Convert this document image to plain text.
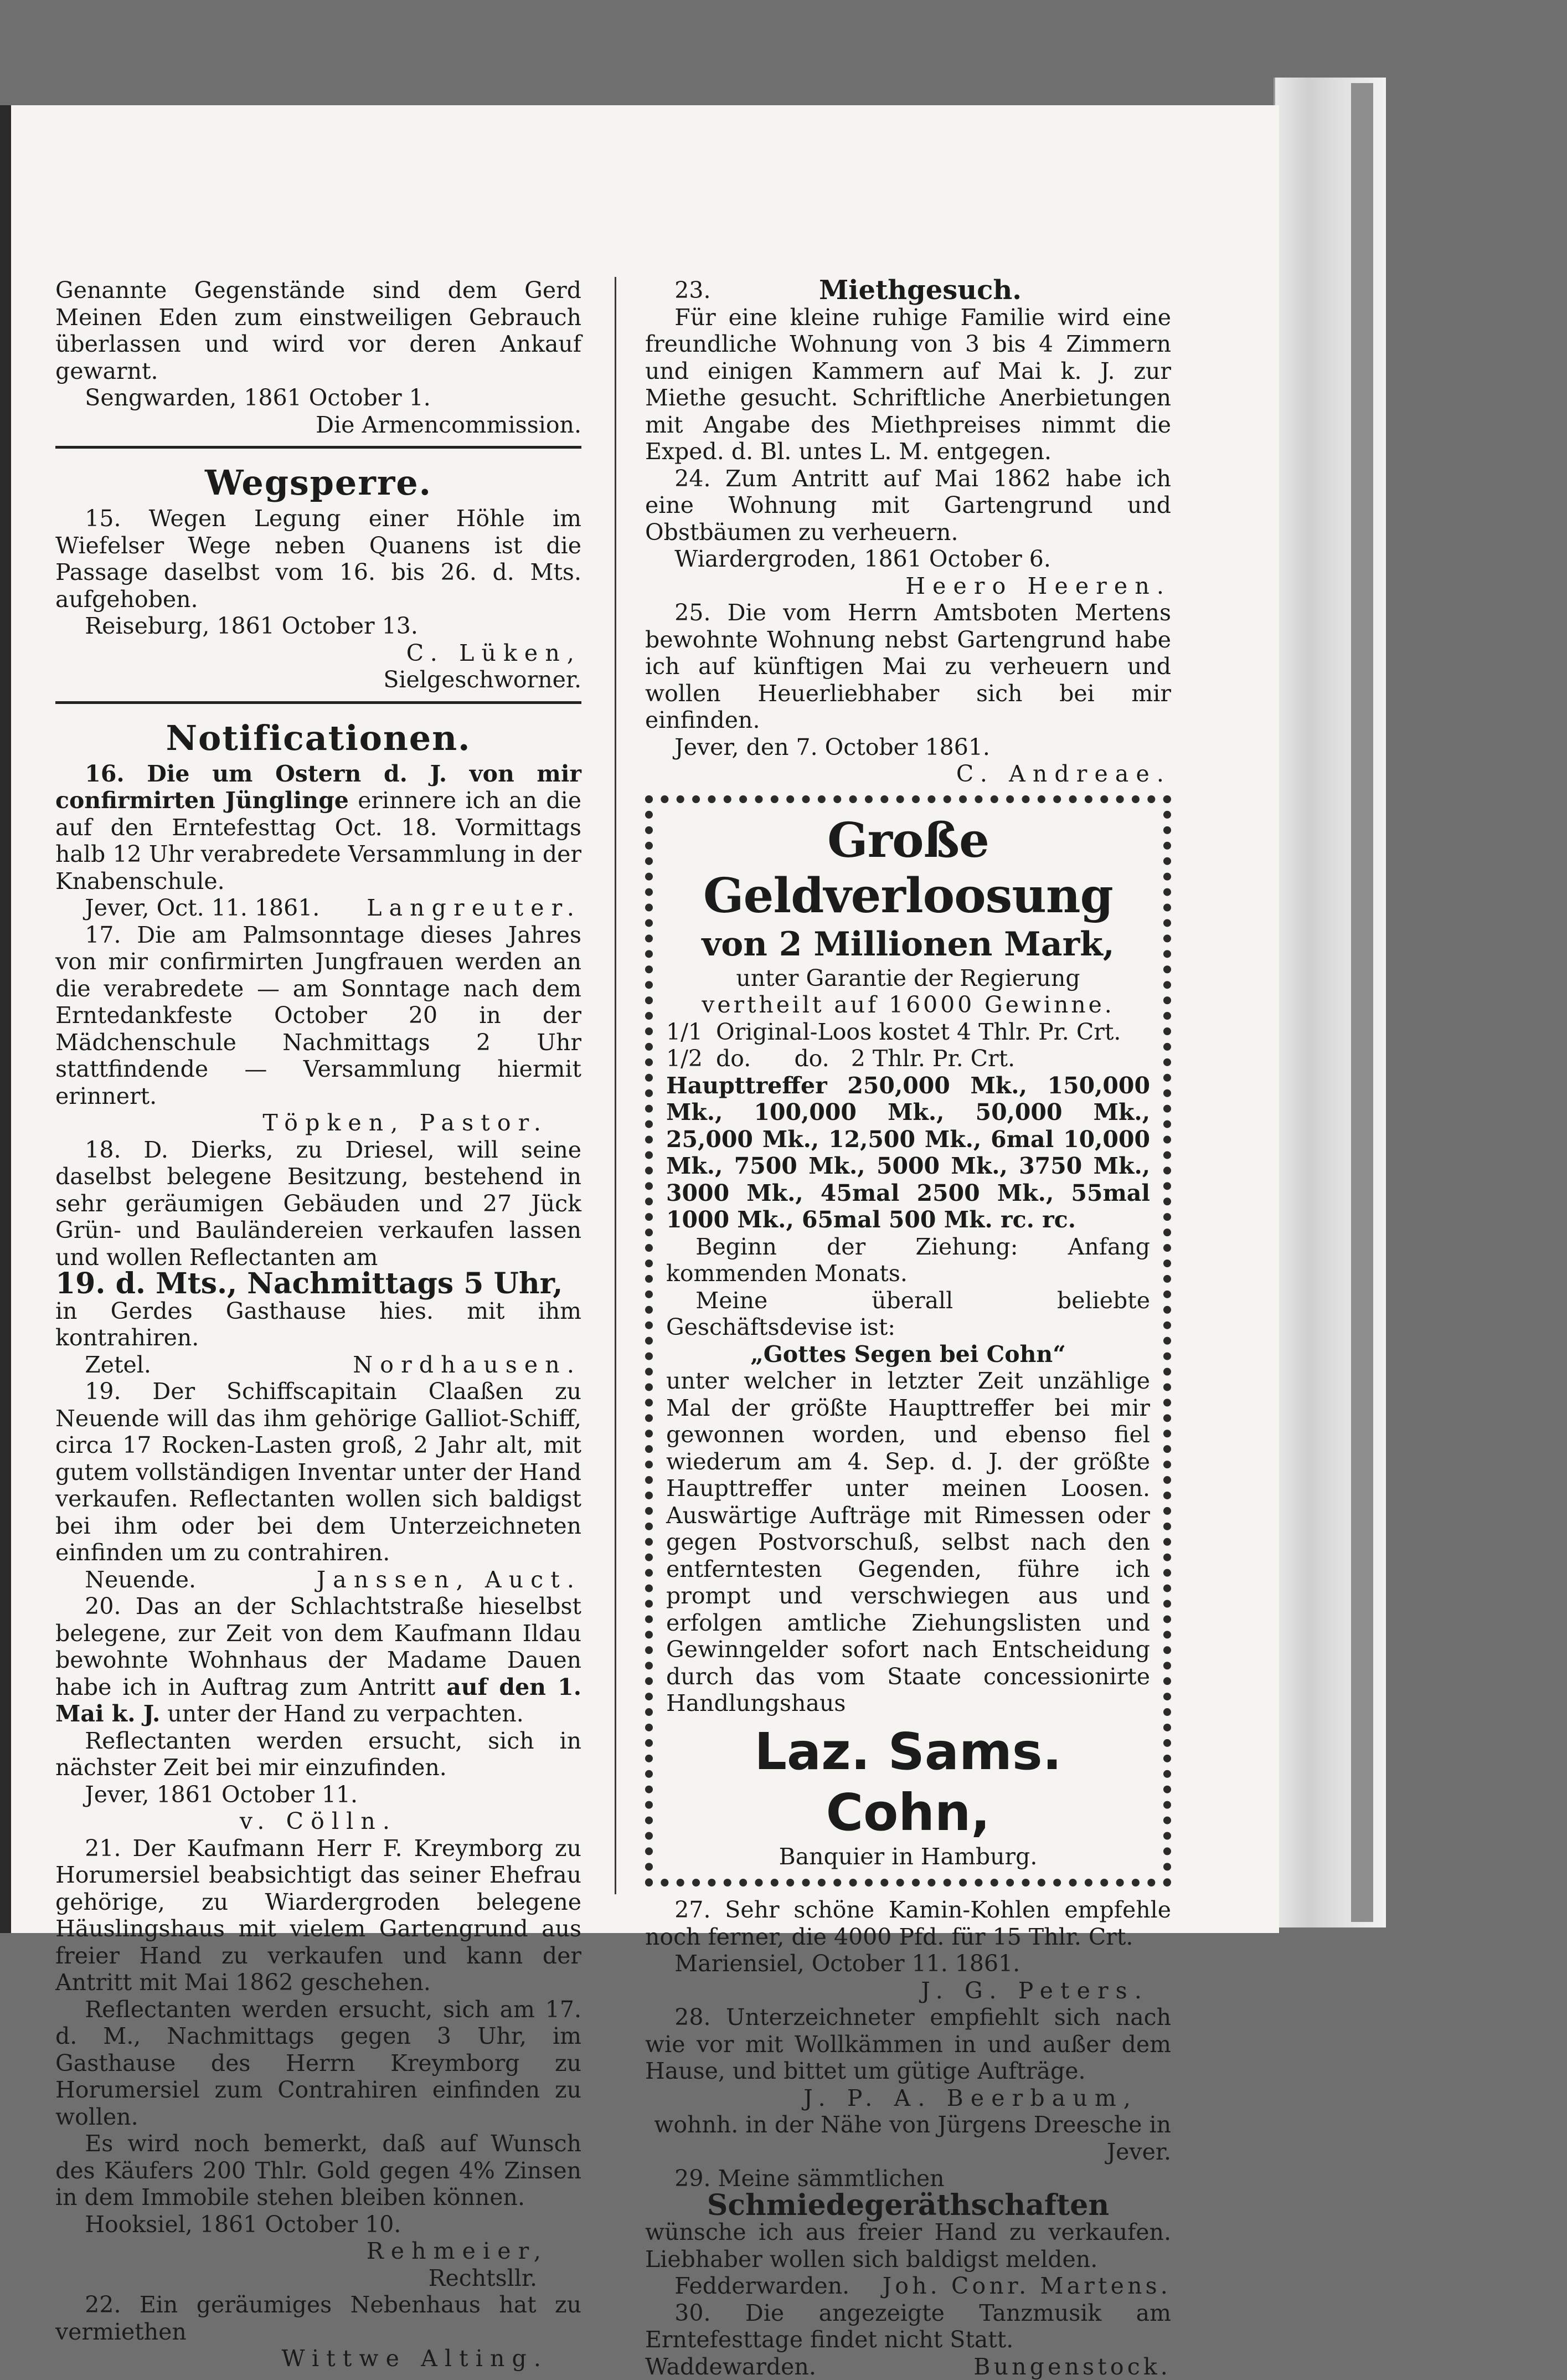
Genannte Gegenstände sind dem Gerd Meinen Eden zum einstweiligen Gebrauch überlassen und wird vor deren Ankauf gewarnt.

Sengwarden, 1861 October 1.

Die Armencommission.

Wegsperre.

15. Wegen Legung einer Höhle im Wiefelser Wege neben Quanens ist die Passage daselbst vom 16. bis 26. d. Mts. aufgehoben.

Reiseburg, 1861 October 13.

C. Lüken,

Sielgeschworner.

Notificationen.

16. Die um Ostern d. J. von mir confirmirten Jünglinge erinnere ich an die auf den Erntefesttag Oct. 18. Vormittags halb 12 Uhr verabredete Versammlung in der Knabenschule.

Jever, Oct. 11. 1861. Langreuter.

17. Die am Palmsonntage dieses Jahres von mir confirmirten Jungfrauen werden an die verabredete — am Sonntage nach dem Erntedankfeste October 20 in der Mädchenschule Nachmittags 2 Uhr stattfindende — Versammlung hiermit erinnert.

Töpken, Pastor.

18. D. Dierks, zu Driesel, will seine daselbst belegene Besitzung, bestehend in sehr geräumigen Gebäuden und 27 Jück Grün- und Bauländereien verkaufen lassen und wollen Reflectanten am

19. d. Mts., Nachmittags 5 Uhr,

in Gerdes Gasthause hies. mit ihm kontrahiren.

Zetel.	Nordhausen.

19. Der Schiffscapitain Claaßen zu Neuende will das ihm gehörige Galliot-Schiff, circa 17 Rocken-Lasten groß, 2 Jahr alt, mit gutem vollständigen Inventar unter der Hand verkaufen. Reflectanten wollen sich baldigst bei ihm oder bei dem Unterzeichneten einfinden um zu contrahiren.

Neuende.	Janssen, Auct.

20. Das an der Schlachtstraße hieselbst belegene, zur Zeit von dem Kaufmann Ildau bewohnte Wohnhaus der Madame Dauen habe ich in Auftrag zum Antritt auf den 1. Mai k. J. unter der Hand zu verpachten.

Reflectanten werden ersucht, sich in nächster Zeit bei mir einzufinden.

Jever, 1861 October 11.

v. Cölln.

21. Der Kaufmann Herr F. Kreymborg zu Horumersiel beabsichtigt das seiner Ehefrau gehörige, zu Wiardergroden belegene Häuslingshaus mit vielem Gartengrund aus freier Hand zu verkaufen und kann der Antritt mit Mai 1862 geschehen.

Reflectanten werden ersucht, sich am 17. d. M., Nachmittags gegen 3 Uhr, im Gasthause des Herrn Kreymborg zu Horumersiel zum Contrahiren einfinden zu wollen.

Es wird noch bemerkt, daß auf Wunsch des Käufers 200 Thlr. Gold gegen 4% Zinsen in dem Immobile stehen bleiben können.

Hooksiel, 1861 October 10.

Rehmeier,

Rechtsllr.

22. Ein geräumiges Nebenhaus hat zu vermiethen

Wittwe Alting.

23.	Miethgesuch.

Für eine kleine ruhige Familie wird eine freundliche Wohnung von 3 bis 4 Zimmern und einigen Kammern auf Mai k. J. zur Miethe gesucht. Schriftliche Anerbietungen mit Angabe des Miethpreises nimmt die Exped. d. Bl. untes L. M. entgegen.

24. Zum Antritt auf Mai 1862 habe ich eine Wohnung mit Gartengrund und Obstbäumen zu verheuern.

Wiardergroden, 1861 October 6.

Heero Heeren.

25. Die vom Herrn Amtsboten Mertens bewohnte Wohnung nebst Gartengrund habe ich auf künftigen Mai zu verheuern und wollen Heuerliebhaber sich bei mir einfinden.

Jever, den 7. October 1861.

C. Andreae.

Große Geldverloosung
von 2 Millionen Mark,

unter Garantie der Regierung

vertheilt auf 16000 Gewinne.

1/1 Original-Loos kostet 4 Thlr. Pr. Crt.
1/2 do.      do.   2 Thlr. Pr. Crt.

Haupttreffer 250,000 Mk., 150,000 Mk., 100,000 Mk., 50,000 Mk., 25,000 Mk., 12,500 Mk., 6mal 10,000 Mk., 7500 Mk., 5000 Mk., 3750 Mk., 3000 Mk., 45mal 2500 Mk., 55mal 1000 Mk., 65mal 500 Mk. rc. rc.

Beginn der Ziehung: Anfang kommenden Monats.

Meine überall beliebte Geschäftsdevise ist:

„Gottes Segen bei Cohn“

unter welcher in letzter Zeit unzählige Mal der größte Haupttreffer bei mir gewonnen worden, und ebenso fiel wiederum am 4. Sep. d. J. der größte Haupttreffer unter meinen Loosen. Auswärtige Aufträge mit Rimessen oder gegen Postvorschuß, selbst nach den entferntesten Gegenden, führe ich prompt und verschwiegen aus und erfolgen amtliche Ziehungslisten und Gewinngelder sofort nach Entscheidung durch das vom Staate concessionirte Handlungshaus

Laz. Sams. Cohn,

Banquier in Hamburg.

27. Sehr schöne Kamin-Kohlen empfehle noch ferner, die 4000 Pfd. für 15 Thlr. Crt.

Mariensiel, October 11. 1861.

J. G. Peters.

28. Unterzeichneter empfiehlt sich nach wie vor mit Wollkämmen in und außer dem Hause, und bittet um gütige Aufträge.

J. P. A. Beerbaum,

wohnh. in der Nähe von Jürgens Dreesche in Jever.

29. Meine sämmtlichen

Schmiedegeräthschaften

wünsche ich aus freier Hand zu verkaufen. Liebhaber wollen sich baldigst melden.

Fedderwarden. Joh. Conr. Martens.

30. Die angezeigte Tanzmusik am Erntefesttage findet nicht Statt.

Waddewarden.	Bungenstock.
